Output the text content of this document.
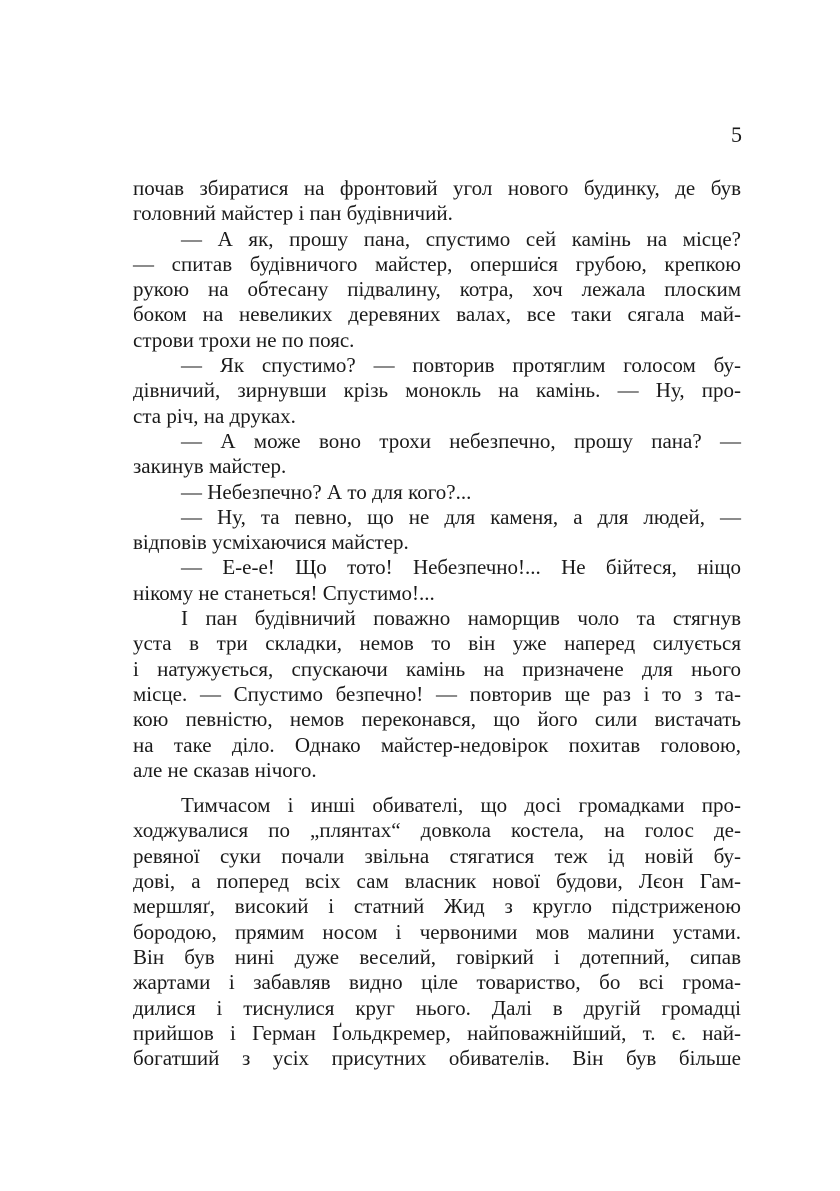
5
почав збиратися на фронтовий угол нового будинку, де був
головний майстер і пан будівничий.
— А як, прошу пана, спустимо сей камінь на місце?
— спитав будівничого майстер, оперши̇ся грубою, крепкою
рукою на обтесану підвалину, котра, хоч лежала плоским
боком на невеликих деревяних валах, все таки сягала май-
строви трохи не по пояс.
— Як спустимо? — повторив протяглим голосом бу-
дівничий, зирнувши крізь монокль на камінь. — Ну, про-
ста річ, на друках.
— А може воно трохи небезпечно, прошу пана? —
закинув майстер.
— Небезпечно? А то для кого?...
— Ну, та певно, що не для каменя, а для людей, —
відповів усміхаючися майстер.
— Е-е-е! Що тото! Небезпечно!... Не бійтеся, ніщо
нікому не станеться! Спустимо!...
І пан будівничий поважно наморщив чоло та стягнув
уста в три складки, немов то він уже наперед силується
і натужується, спускаючи камінь на призначене для нього
місце. — Спустимо безпечно! — повторив ще раз і то з та-
кою певністю, немов переконався, що його сили вистачать
на таке діло. Однако майстер-недовірок похитав головою,
але не сказав нічого.
Тимчасом і инші обивателі, що досі громадками про-
ходжувалися по „плянтах“ довкола костела, на голос де-
ревяної суки почали звільна стягатися теж ід новій бу-
дові, а попеpед всіх сам власник нової будови, Лєон Гам-
мершляґ, високий і статний Жид з кругло підстриженою
бородою, прямим носом і червоними мов малини устами.
Він був нині дуже веселий, говіркий і дотепний, сипав
жартами і забавляв видно ціле товариство, бо всі грома-
дилися і тиснулися круг нього. Далі в другій громадці
прийшов і Герман Ґольдкремер, найповажнійший, т. є. най-
богатший з усіх присутних обивателів. Він був більше
